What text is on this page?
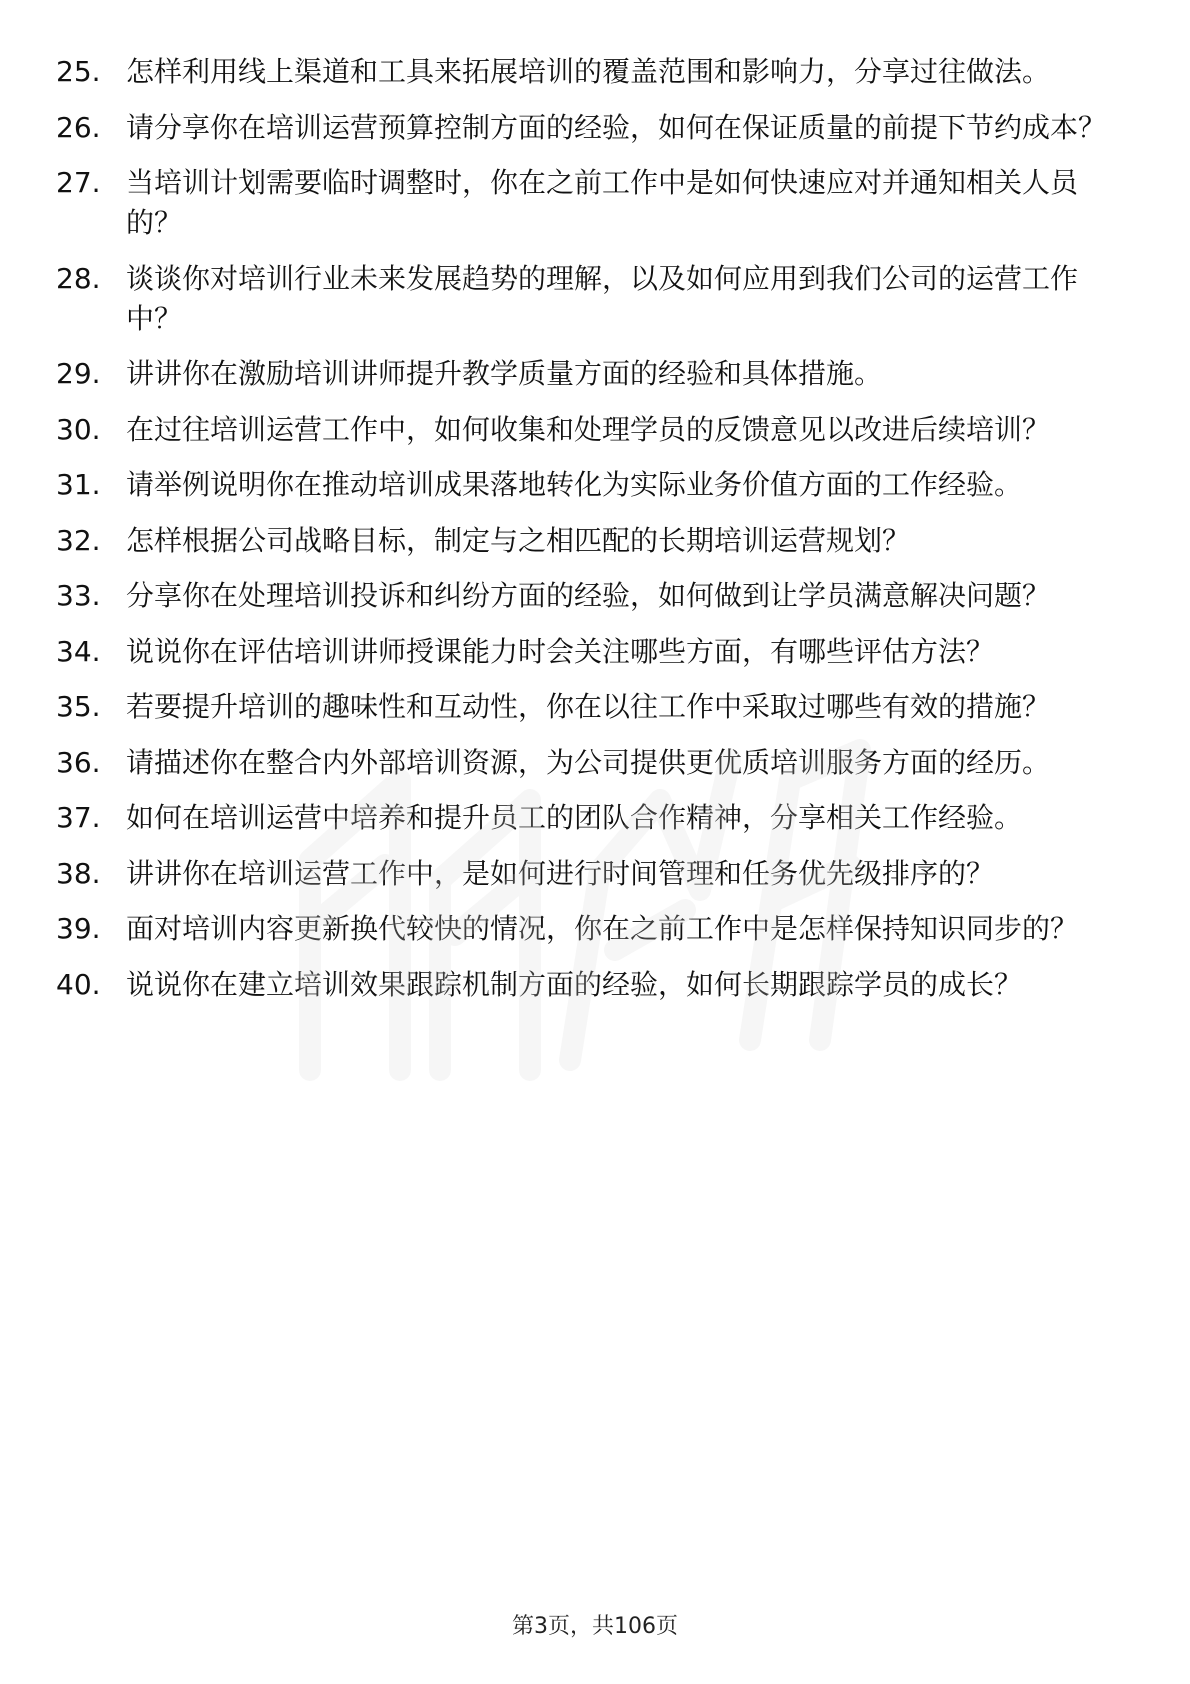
25. 怎样利用线上渠道和工具来拓展培训的覆盖范围和影响力，分享过往做法。
26. 请分享你在培训运营预算控制方面的经验，如何在保证质量的前提下节约成本？
27. 当培训计划需要临时调整时，你在之前工作中是如何快速应对并通知相关人员的？
28. 谈谈你对培训行业未来发展趋势的理解，以及如何应用到我们公司的运营工作中？
29. 讲讲你在激励培训讲师提升教学质量方面的经验和具体措施。
30. 在过往培训运营工作中，如何收集和处理学员的反馈意见以改进后续培训？
31. 请举例说明你在推动培训成果落地转化为实际业务价值方面的工作经验。
32. 怎样根据公司战略目标，制定与之相匹配的长期培训运营规划？
33. 分享你在处理培训投诉和纠纷方面的经验，如何做到让学员满意解决问题？
34. 说说你在评估培训讲师授课能力时会关注哪些方面，有哪些评估方法？
35. 若要提升培训的趣味性和互动性，你在以往工作中采取过哪些有效的措施？
36. 请描述你在整合内外部培训资源，为公司提供更优质培训服务方面的经历。
37. 如何在培训运营中培养和提升员工的团队合作精神，分享相关工作经验。
38. 讲讲你在培训运营工作中，是如何进行时间管理和任务优先级排序的？
39. 面对培训内容更新换代较快的情况，你在之前工作中是怎样保持知识同步的？
40. 说说你在建立培训效果跟踪机制方面的经验，如何长期跟踪学员的成长？
第3页，共106页
